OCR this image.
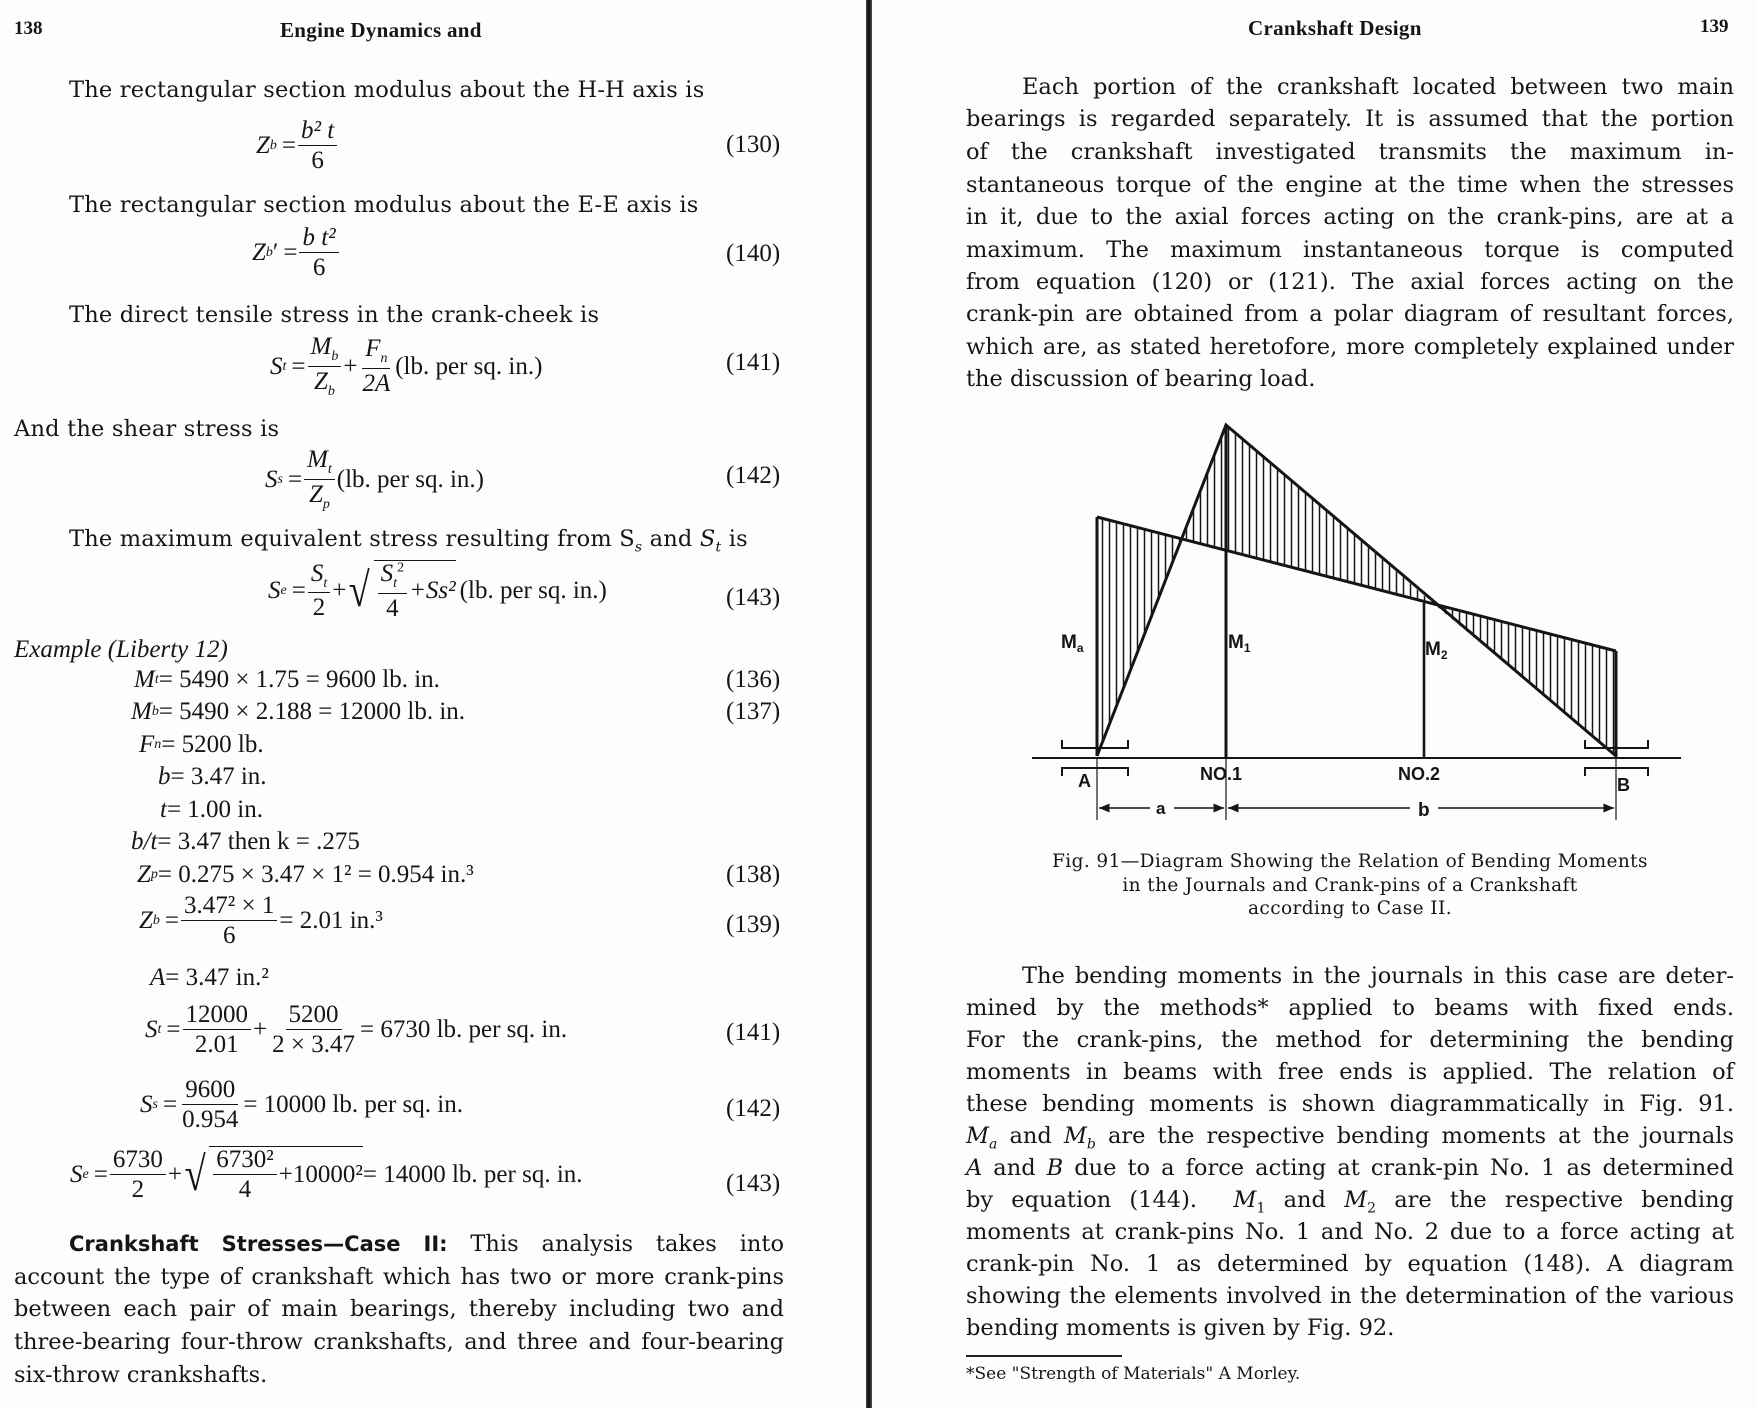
138	Engine Dynamics and
The rectangular section modulus about the H-H axis is
Z $b = \frac{\text{b² t}}{6}$	(130)
The rectangular section modulus about the E-E axis is
Z b ′  = $\frac{\text{b t²}}{6}$	(140)
The direct tensile stress in the crank-cheek is
S $t = \frac{M_b}{Z_b} + \frac{F_n}{2A} (lb$. per sq. in.)	(141)
And the shear stress is
S $s = \frac{M_t}{Z_p} (lb$. per sq. in.)	(142)
The maximum equivalent stress resulting from $S_s$ and $S_t$ is
S $e = \frac{S_t}{2}$ + √ $\frac{S_t^2}{4} +Ss^2$ (lb. per sq. in.)	(143)
Example (Liberty 12)
M t = 5490 × 1.75 = 9600 lb. in.	(136)
M b = 5490 × 2.188 = 12000 lb. in.	(137)
F n = 5200 lb.
b = 3.47 in.
t = 1.00 in.
b/t = 3.47 then k = .275
Z p = 0.275 × 3.47 × 1² = 0.954 in.³	(138)
Z $b = \frac{\text{3.47² × 1}}{6} = 2.01$ in.³	(139)
A = 3.47 in.²
S $t = \frac{12000}{2.01} + \frac{5200}{2 \times 3.47} = 6730$ lb. per sq. in.	(141)
S $s = \frac{9600}{0.954} = 10000$ lb. per sq. in.	(142)
S $e = \frac{6730}{2}$ + √ $\frac{\text{6730²}}{4} +10000^2 = 14000$ lb. per sq. in.	(143)
Crankshaft Stresses—Case II: This analysis takes into
account the type of crankshaft which has two or more crank-pins
between each pair of main bearings, thereby including two and
three-bearing four-throw crankshafts, and three and four-bearing
six-throw crankshafts.
Crankshaft Design	139
Each portion of the crankshaft located between two main
bearings is regarded separately. It is assumed that the portion
of the crankshaft investigated transmits the maximum in-
stantaneous torque of the engine at the time when the stresses
in it, due to the axial forces acting on the crank-pins, are at a
maximum. The maximum instantaneous torque is computed
from equation (120) or (121). The axial forces acting on the
crank-pin are obtained from a polar diagram of resultant forces,
which are, as stated heretofore, more completely explained under
the discussion of bearing load.
$M_a$	$M_1$	$M_2$
A	B
NO.1	NO.2
a	b
Fig. 91—Diagram Showing the Relation of Bending Moments
in the Journals and Crank-pins of a Crankshaft
according to Case II.
The bending moments in the journals in this case are deter-
mined by the methods* applied to beams with fixed ends.
For the crank-pins, the method for determining the bending
moments in beams with free ends is applied. The relation of
these bending moments is shown diagrammatically in Fig. 91.
$M_a$ and $M_b$ are the respective bending moments at the journals
A and B due to a force acting at crank-pin No. 1 as determined
by equation (144). $M_1$ and $M_2$ are the respective bending
moments at crank-pins No. 1 and No. 2 due to a force acting at
crank-pin No. 1 as determined by equation (148). A diagram
showing the elements involved in the determination of the various
bending moments is given by Fig. 92.
*See "Strength of Materials" A Morley.
